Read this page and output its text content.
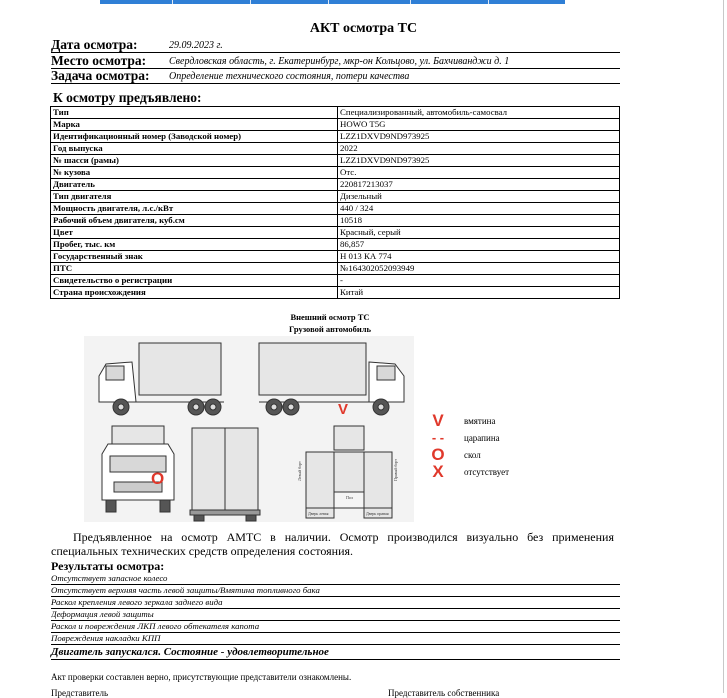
АКТ осмотра ТС
Дата осмотра:	29.09.2023 г.
Место осмотра: Свердловская область, г. Екатеринбург, мкр-он Кольцово, ул. Бахчиванджи д. 1
Задача осмотра: Определение технического состояния, потери качества
К осмотру предъявлено:
Тип	Специализированный, автомобиль-самосвал
Марка	HOWO T5G
Идентификационный номер (Заводской номер)	LZZ1DXVD9ND973925
Год выпуска	2022
№ шасси (рамы)	LZZ1DXVD9ND973925
№ кузова	Отс.
Двигатель	220817213037
Тип двигателя	Дизельный
Мощность двигателя, л.с./кВт	440 / 324
Рабочий объем двигателя, куб.см	10518
Цвет	Красный, серый
Пробег, тыс. км	86,857
Государственный знак	Н 013 КА 774
ПТС	№164302052093949
Свидетельство о регистрации	-
Страна происхождения	Китай
Внешний осмотр ТС
Грузовой автомобиль
Левый борт	Правый борт
Пол
Дверь левая	Дверь правая
V
O
V вмятина
- - царапина
O скол
X отсутствует
Предъявленное на осмотр АМТС в наличии. Осмотр производился визуально без применения специальных технических средств определения состояния.
Результаты осмотра:
Отсутствует запасное колесо
Отсутствует верхняя часть левой защиты/Вмятина топливного бака
Раскол крепления левого зеркала заднего вида
Деформация левой защиты
Раскол и повреждения ЛКП левого обтекателя капота
Повреждения накладки КПП
Двигатель запускался. Состояние - удовлетворительное
Акт проверки составлен верно, присутствующие представители ознакомлены.
Представитель	Представитель собственника
